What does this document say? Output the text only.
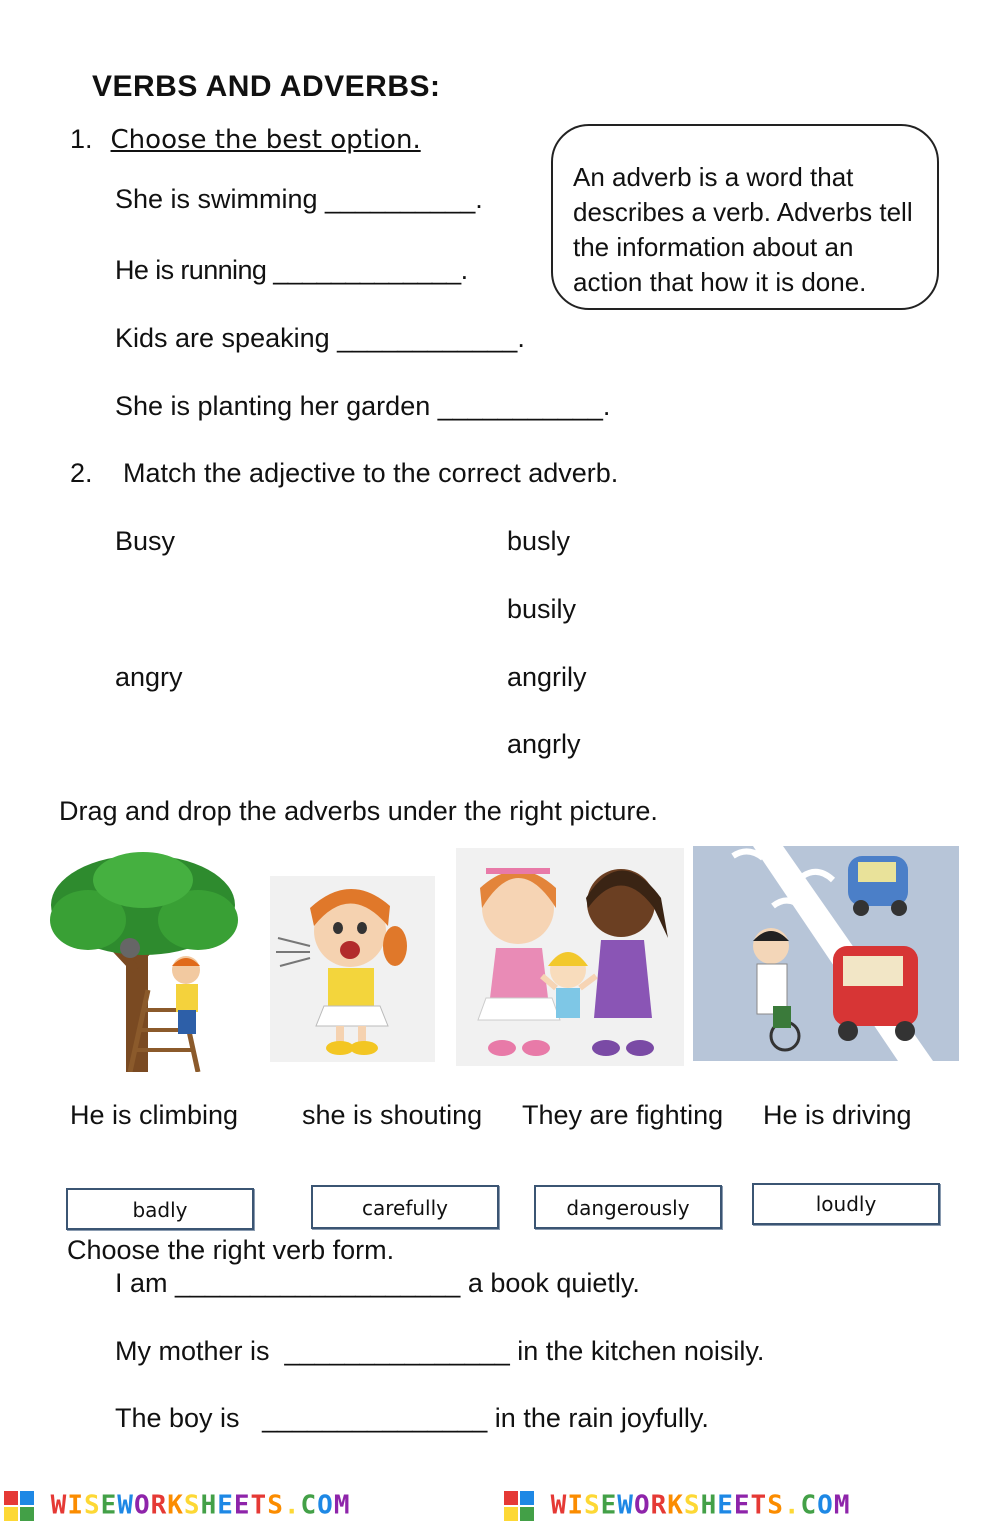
VERBS AND ADVERBS:
1. Choose the best option.
She is swimming __________.
He is running _____________.
Kids are speaking ____________.
She is planting her garden ___________.
An adverb is a word that describes a verb. Adverbs tell the information about an action that how it is done.
2. Match the adjective to the correct adverb.
Busy
angry
busly
busily
angrily
angrly
Drag and drop the adverbs under the right picture.
He is climbing she is shouting They are fighting He is driving
badly	carefully	dangerously	loudly
Choose the right verb form.
I am ___________________ a book quietly.
My mother is  _______________ in the kitchen noisily.
The boy is   _______________ in the rain joyfully.
WISEWORKSHEETS.COM	WISEWORKSHEETS.COM
